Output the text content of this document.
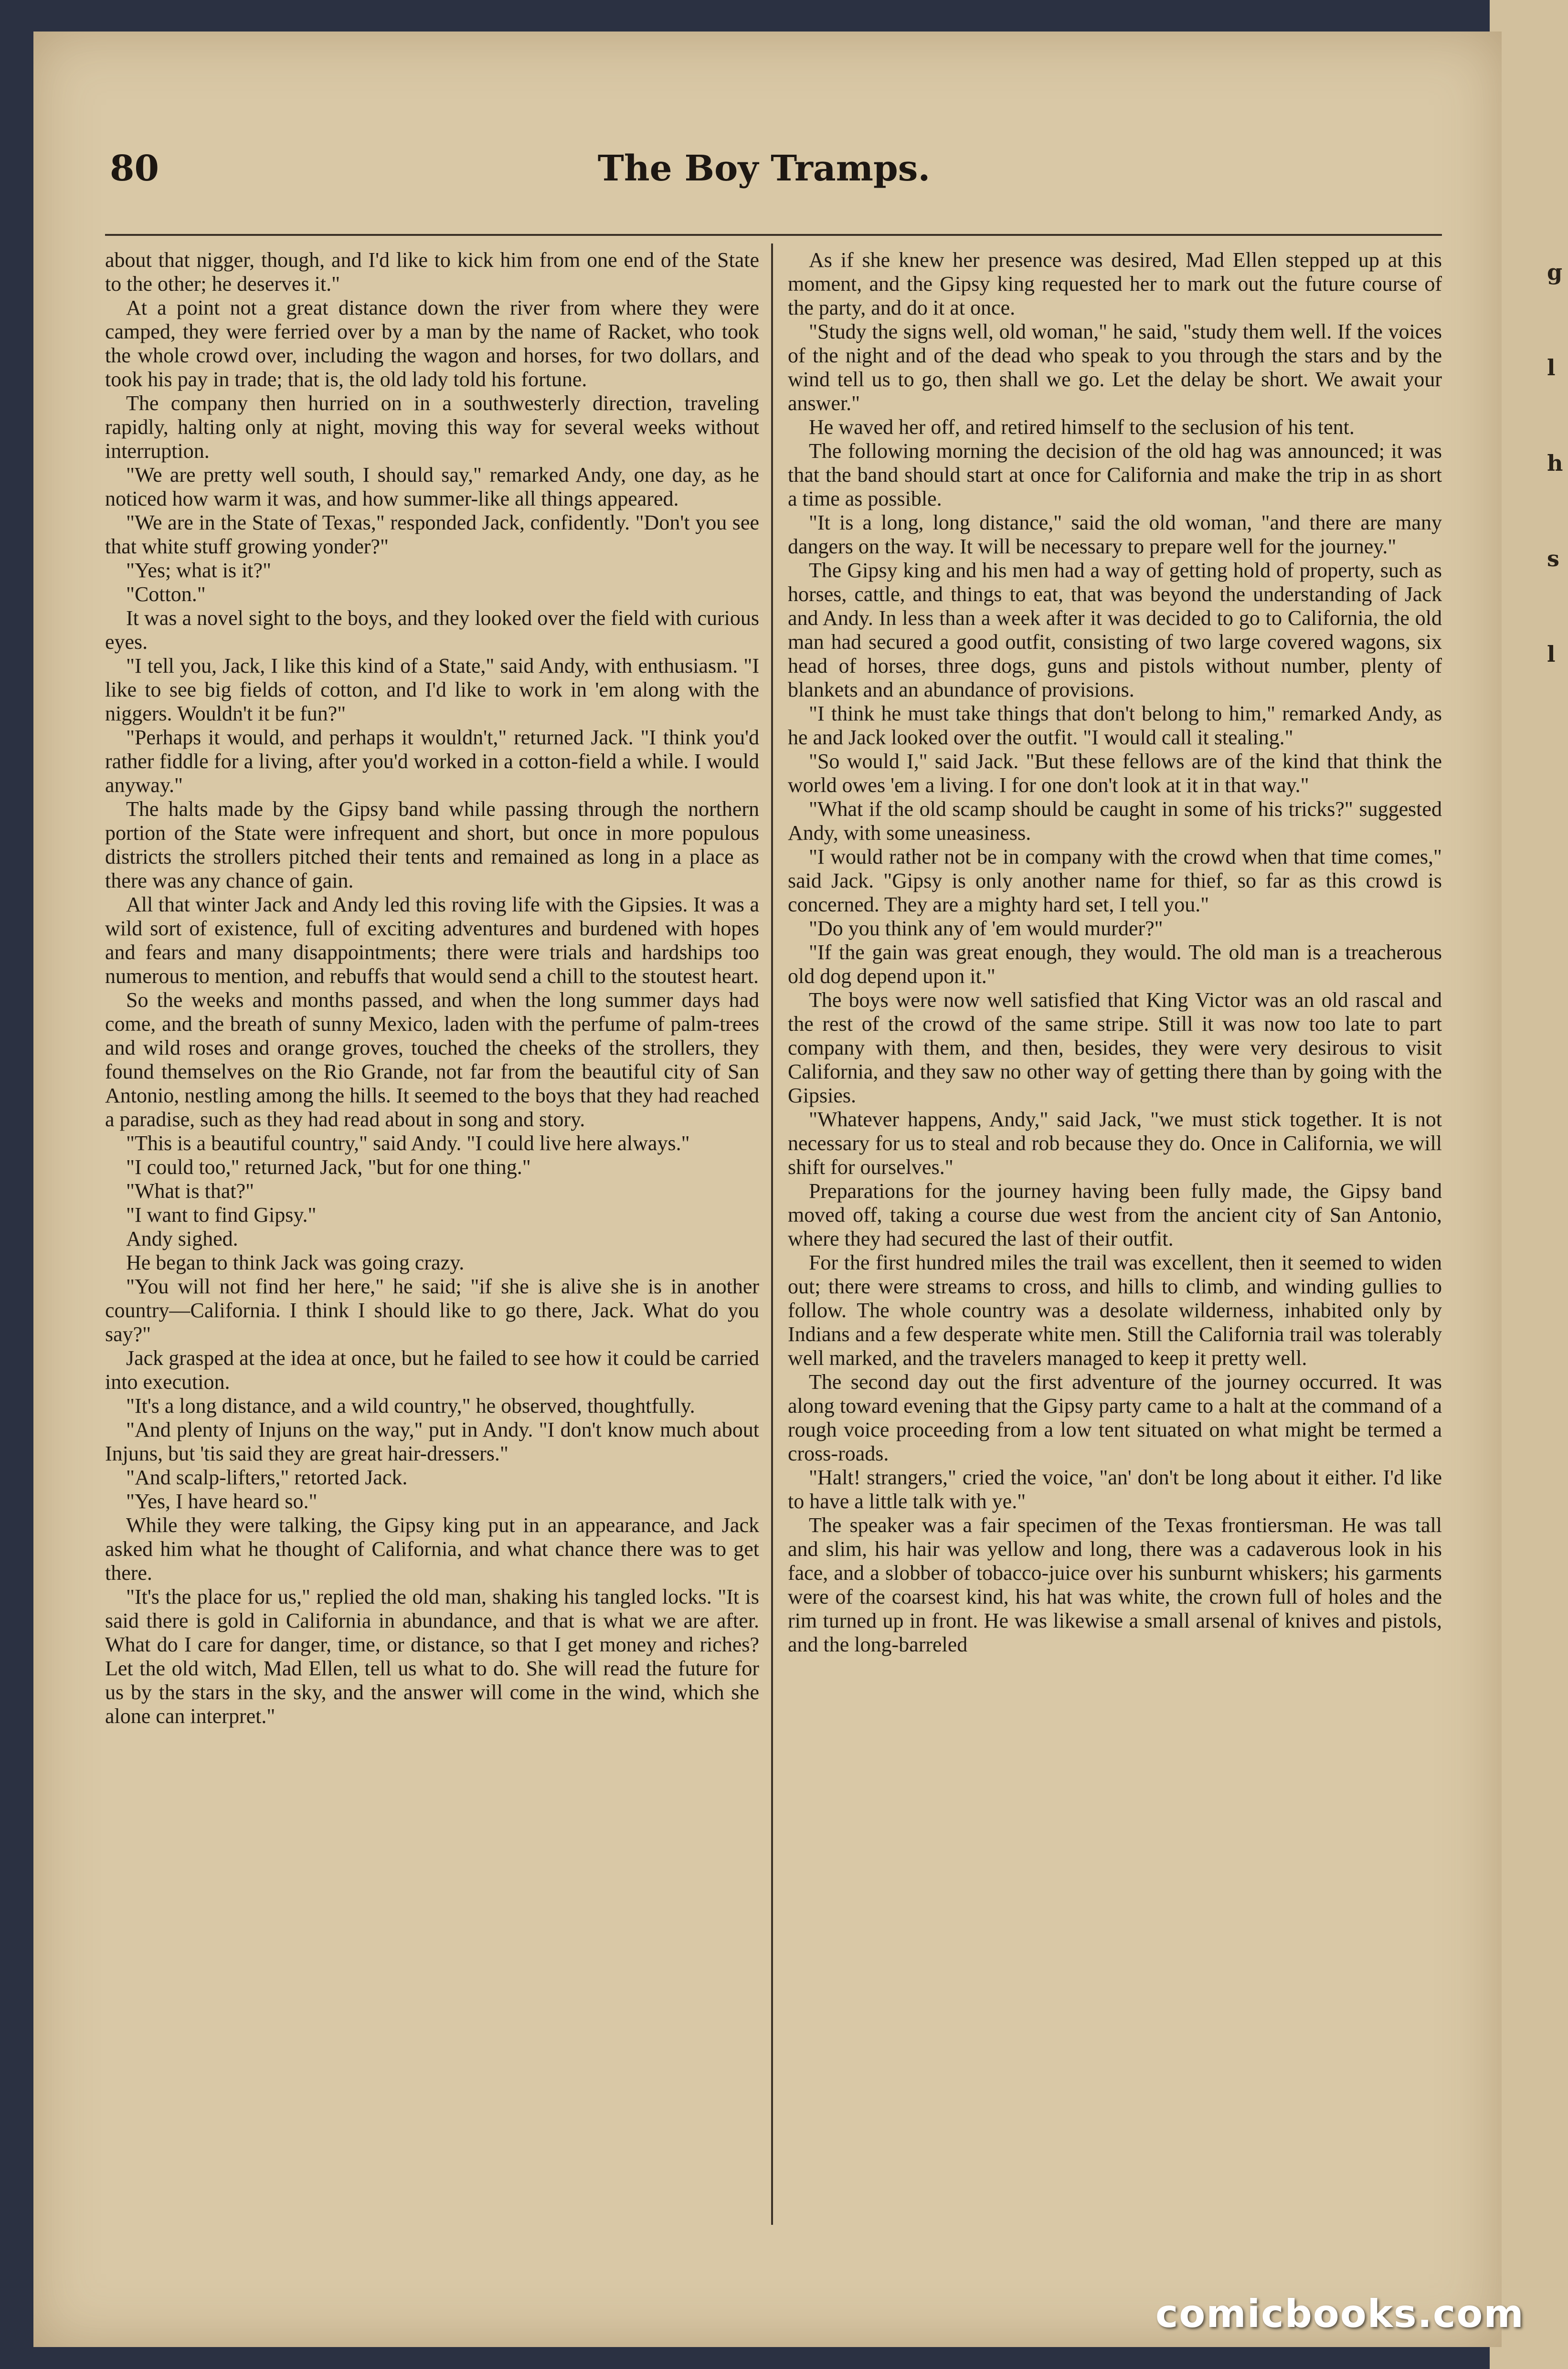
g
l
h
s
l
80	The Boy Tramps.

about that nigger, though, and I'd like to kick him from one end of the State to the other; he deserves it."

At a point not a great distance down the river from where they were camped, they were ferried over by a man by the name of Racket, who took the whole crowd over, including the wagon and horses, for two dollars, and took his pay in trade; that is, the old lady told his fortune.

The company then hurried on in a southwesterly direction, traveling rapidly, halting only at night, moving this way for several weeks without interruption.

"We are pretty well south, I should say," remarked Andy, one day, as he noticed how warm it was, and how summer-like all things appeared.

"We are in the State of Texas," responded Jack, confidently. "Don't you see that white stuff growing yonder?"

"Yes; what is it?"

"Cotton."

It was a novel sight to the boys, and they looked over the field with curious eyes.

"I tell you, Jack, I like this kind of a State," said Andy, with enthusiasm. "I like to see big fields of cotton, and I'd like to work in 'em along with the niggers. Wouldn't it be fun?"

"Perhaps it would, and perhaps it wouldn't," returned Jack. "I think you'd rather fiddle for a living, after you'd worked in a cotton-field a while. I would anyway."

The halts made by the Gipsy band while passing through the northern portion of the State were infrequent and short, but once in more populous districts the strollers pitched their tents and remained as long in a place as there was any chance of gain.

All that winter Jack and Andy led this roving life with the Gipsies. It was a wild sort of existence, full of exciting adventures and burdened with hopes and fears and many disappointments; there were trials and hardships too numerous to mention, and rebuffs that would send a chill to the stoutest heart.

So the weeks and months passed, and when the long summer days had come, and the breath of sunny Mexico, laden with the perfume of palm-trees and wild roses and orange groves, touched the cheeks of the strollers, they found themselves on the Rio Grande, not far from the beautiful city of San Antonio, nestling among the hills. It seemed to the boys that they had reached a paradise, such as they had read about in song and story.

"This is a beautiful country," said Andy. "I could live here always."

"I could too," returned Jack, "but for one thing."

"What is that?"

"I want to find Gipsy."

Andy sighed.

He began to think Jack was going crazy.

"You will not find her here," he said; "if she is alive she is in another country—California. I think I should like to go there, Jack. What do you say?"

Jack grasped at the idea at once, but he failed to see how it could be carried into execution.

"It's a long distance, and a wild country," he observed, thoughtfully.

"And plenty of Injuns on the way," put in Andy. "I don't know much about Injuns, but 'tis said they are great hair-dressers."

"And scalp-lifters," retorted Jack.

"Yes, I have heard so."

While they were talking, the Gipsy king put in an appearance, and Jack asked him what he thought of California, and what chance there was to get there.

"It's the place for us," replied the old man, shaking his tangled locks. "It is said there is gold in California in abundance, and that is what we are after. What do I care for danger, time, or distance, so that I get money and riches? Let the old witch, Mad Ellen, tell us what to do. She will read the future for us by the stars in the sky, and the answer will come in the wind, which she alone can interpret."

As if she knew her presence was desired, Mad Ellen stepped up at this moment, and the Gipsy king requested her to mark out the future course of the party, and do it at once.

"Study the signs well, old woman," he said, "study them well. If the voices of the night and of the dead who speak to you through the stars and by the wind tell us to go, then shall we go. Let the delay be short. We await your answer."

He waved her off, and retired himself to the seclusion of his tent.

The following morning the decision of the old hag was announced; it was that the band should start at once for California and make the trip in as short a time as possible.

"It is a long, long distance," said the old woman, "and there are many dangers on the way. It will be necessary to prepare well for the journey."

The Gipsy king and his men had a way of getting hold of property, such as horses, cattle, and things to eat, that was beyond the understanding of Jack and Andy. In less than a week after it was decided to go to California, the old man had secured a good outfit, consisting of two large covered wagons, six head of horses, three dogs, guns and pistols without number, plenty of blankets and an abundance of provisions.

"I think he must take things that don't belong to him," remarked Andy, as he and Jack looked over the outfit. "I would call it stealing."

"So would I," said Jack. "But these fellows are of the kind that think the world owes 'em a living. I for one don't look at it in that way."

"What if the old scamp should be caught in some of his tricks?" suggested Andy, with some uneasiness.

"I would rather not be in company with the crowd when that time comes," said Jack. "Gipsy is only another name for thief, so far as this crowd is concerned. They are a mighty hard set, I tell you."

"Do you think any of 'em would murder?"

"If the gain was great enough, they would. The old man is a treacherous old dog depend upon it."

The boys were now well satisfied that King Victor was an old rascal and the rest of the crowd of the same stripe. Still it was now too late to part company with them, and then, besides, they were very desirous to visit California, and they saw no other way of getting there than by going with the Gipsies.

"Whatever happens, Andy," said Jack, "we must stick together. It is not necessary for us to steal and rob because they do. Once in California, we will shift for ourselves."

Preparations for the journey having been fully made, the Gipsy band moved off, taking a course due west from the ancient city of San Antonio, where they had secured the last of their outfit.

For the first hundred miles the trail was excellent, then it seemed to widen out; there were streams to cross, and hills to climb, and winding gullies to follow. The whole country was a desolate wilderness, inhabited only by Indians and a few desperate white men. Still the California trail was tolerably well marked, and the travelers managed to keep it pretty well.

The second day out the first adventure of the journey occurred. It was along toward evening that the Gipsy party came to a halt at the command of a rough voice proceeding from a low tent situated on what might be termed a cross-roads.

"Halt! strangers," cried the voice, "an' don't be long about it either. I'd like to have a little talk with ye."

The speaker was a fair specimen of the Texas frontiersman. He was tall and slim, his hair was yellow and long, there was a cadaverous look in his face, and a slobber of tobacco-juice over his sunburnt whiskers; his garments were of the coarsest kind, his hat was white, the crown full of holes and the rim turned up in front. He was likewise a small arsenal of knives and pistols, and the long-barreled

comicbooks.com
